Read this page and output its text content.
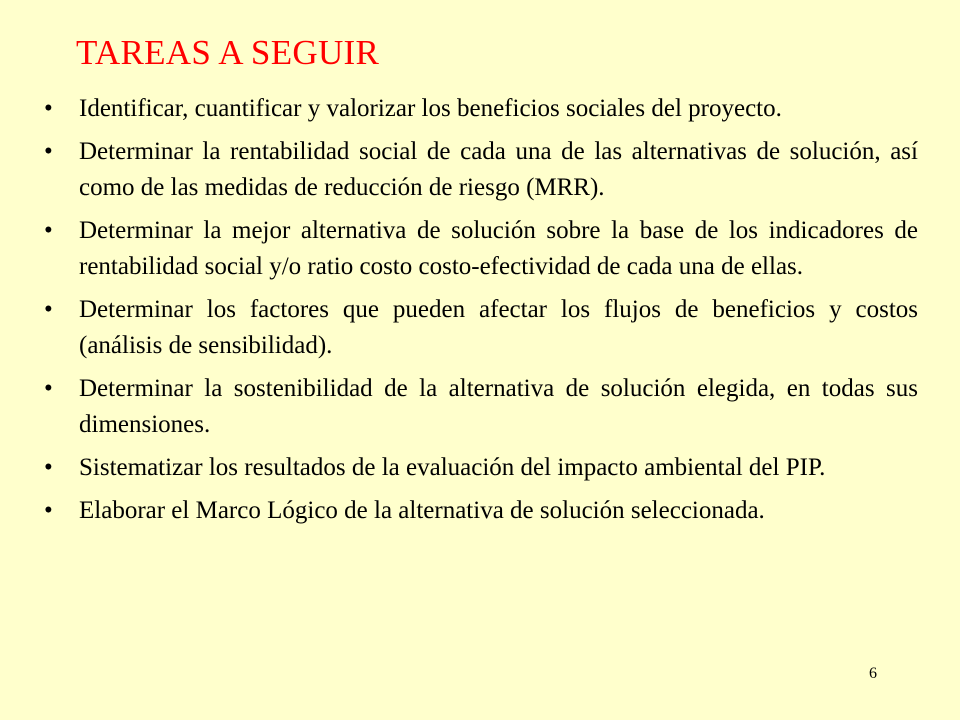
TAREAS A SEGUIR
•	Identificar, cuantificar y valorizar los beneficios sociales del proyecto.
•	Determinar la rentabilidad social de cada una de las alternativas de solución, así como de las medidas de reducción de riesgo (MRR).
•	Determinar la mejor alternativa de solución sobre la base de los indicadores de rentabilidad social y/o ratio costo costo-efectividad de cada una de ellas.
•	Determinar los factores que pueden afectar los flujos de beneficios y costos (análisis de sensibilidad).
•	Determinar la sostenibilidad de la alternativa de solución elegida, en todas sus dimensiones.
•	Sistematizar los resultados de la evaluación del impacto ambiental del PIP.
•	Elaborar el Marco Lógico de la alternativa de solución seleccionada.
6
